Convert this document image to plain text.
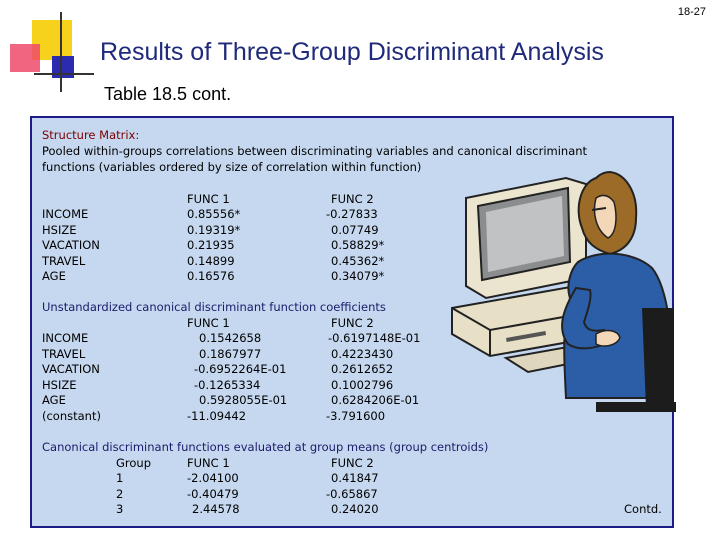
18-27
Results of Three-Group Discriminant Analysis
Table 18.5 cont.
Structure Matrix:
Pooled within-groups correlations between discriminating variables and canonical discriminant
functions (variables ordered by size of correlation within function)
FUNC 1	FUNC 2
INCOME	0.85556*	-0.27833
HSIZE	0.19319*	0.07749
VACATION	0.21935	0.58829*
TRAVEL	0.14899	0.45362*
AGE	0.16576	0.34079*
Unstandardized canonical discriminant function coefficients
FUNC 1	FUNC 2
INCOME	0.1542658	-0.6197148E-01
TRAVEL	0.1867977	0.4223430
VACATION	-0.6952264E-01	0.2612652
HSIZE	-0.1265334	0.1002796
AGE	0.5928055E-01	0.6284206E-01
(constant)	-11.09442	-3.791600
Canonical discriminant functions evaluated at group means (group centroids)
Group	FUNC 1	FUNC 2
1	-2.04100	0.41847
2	-0.40479	-0.65867
3	2.44578	0.24020	Contd.
